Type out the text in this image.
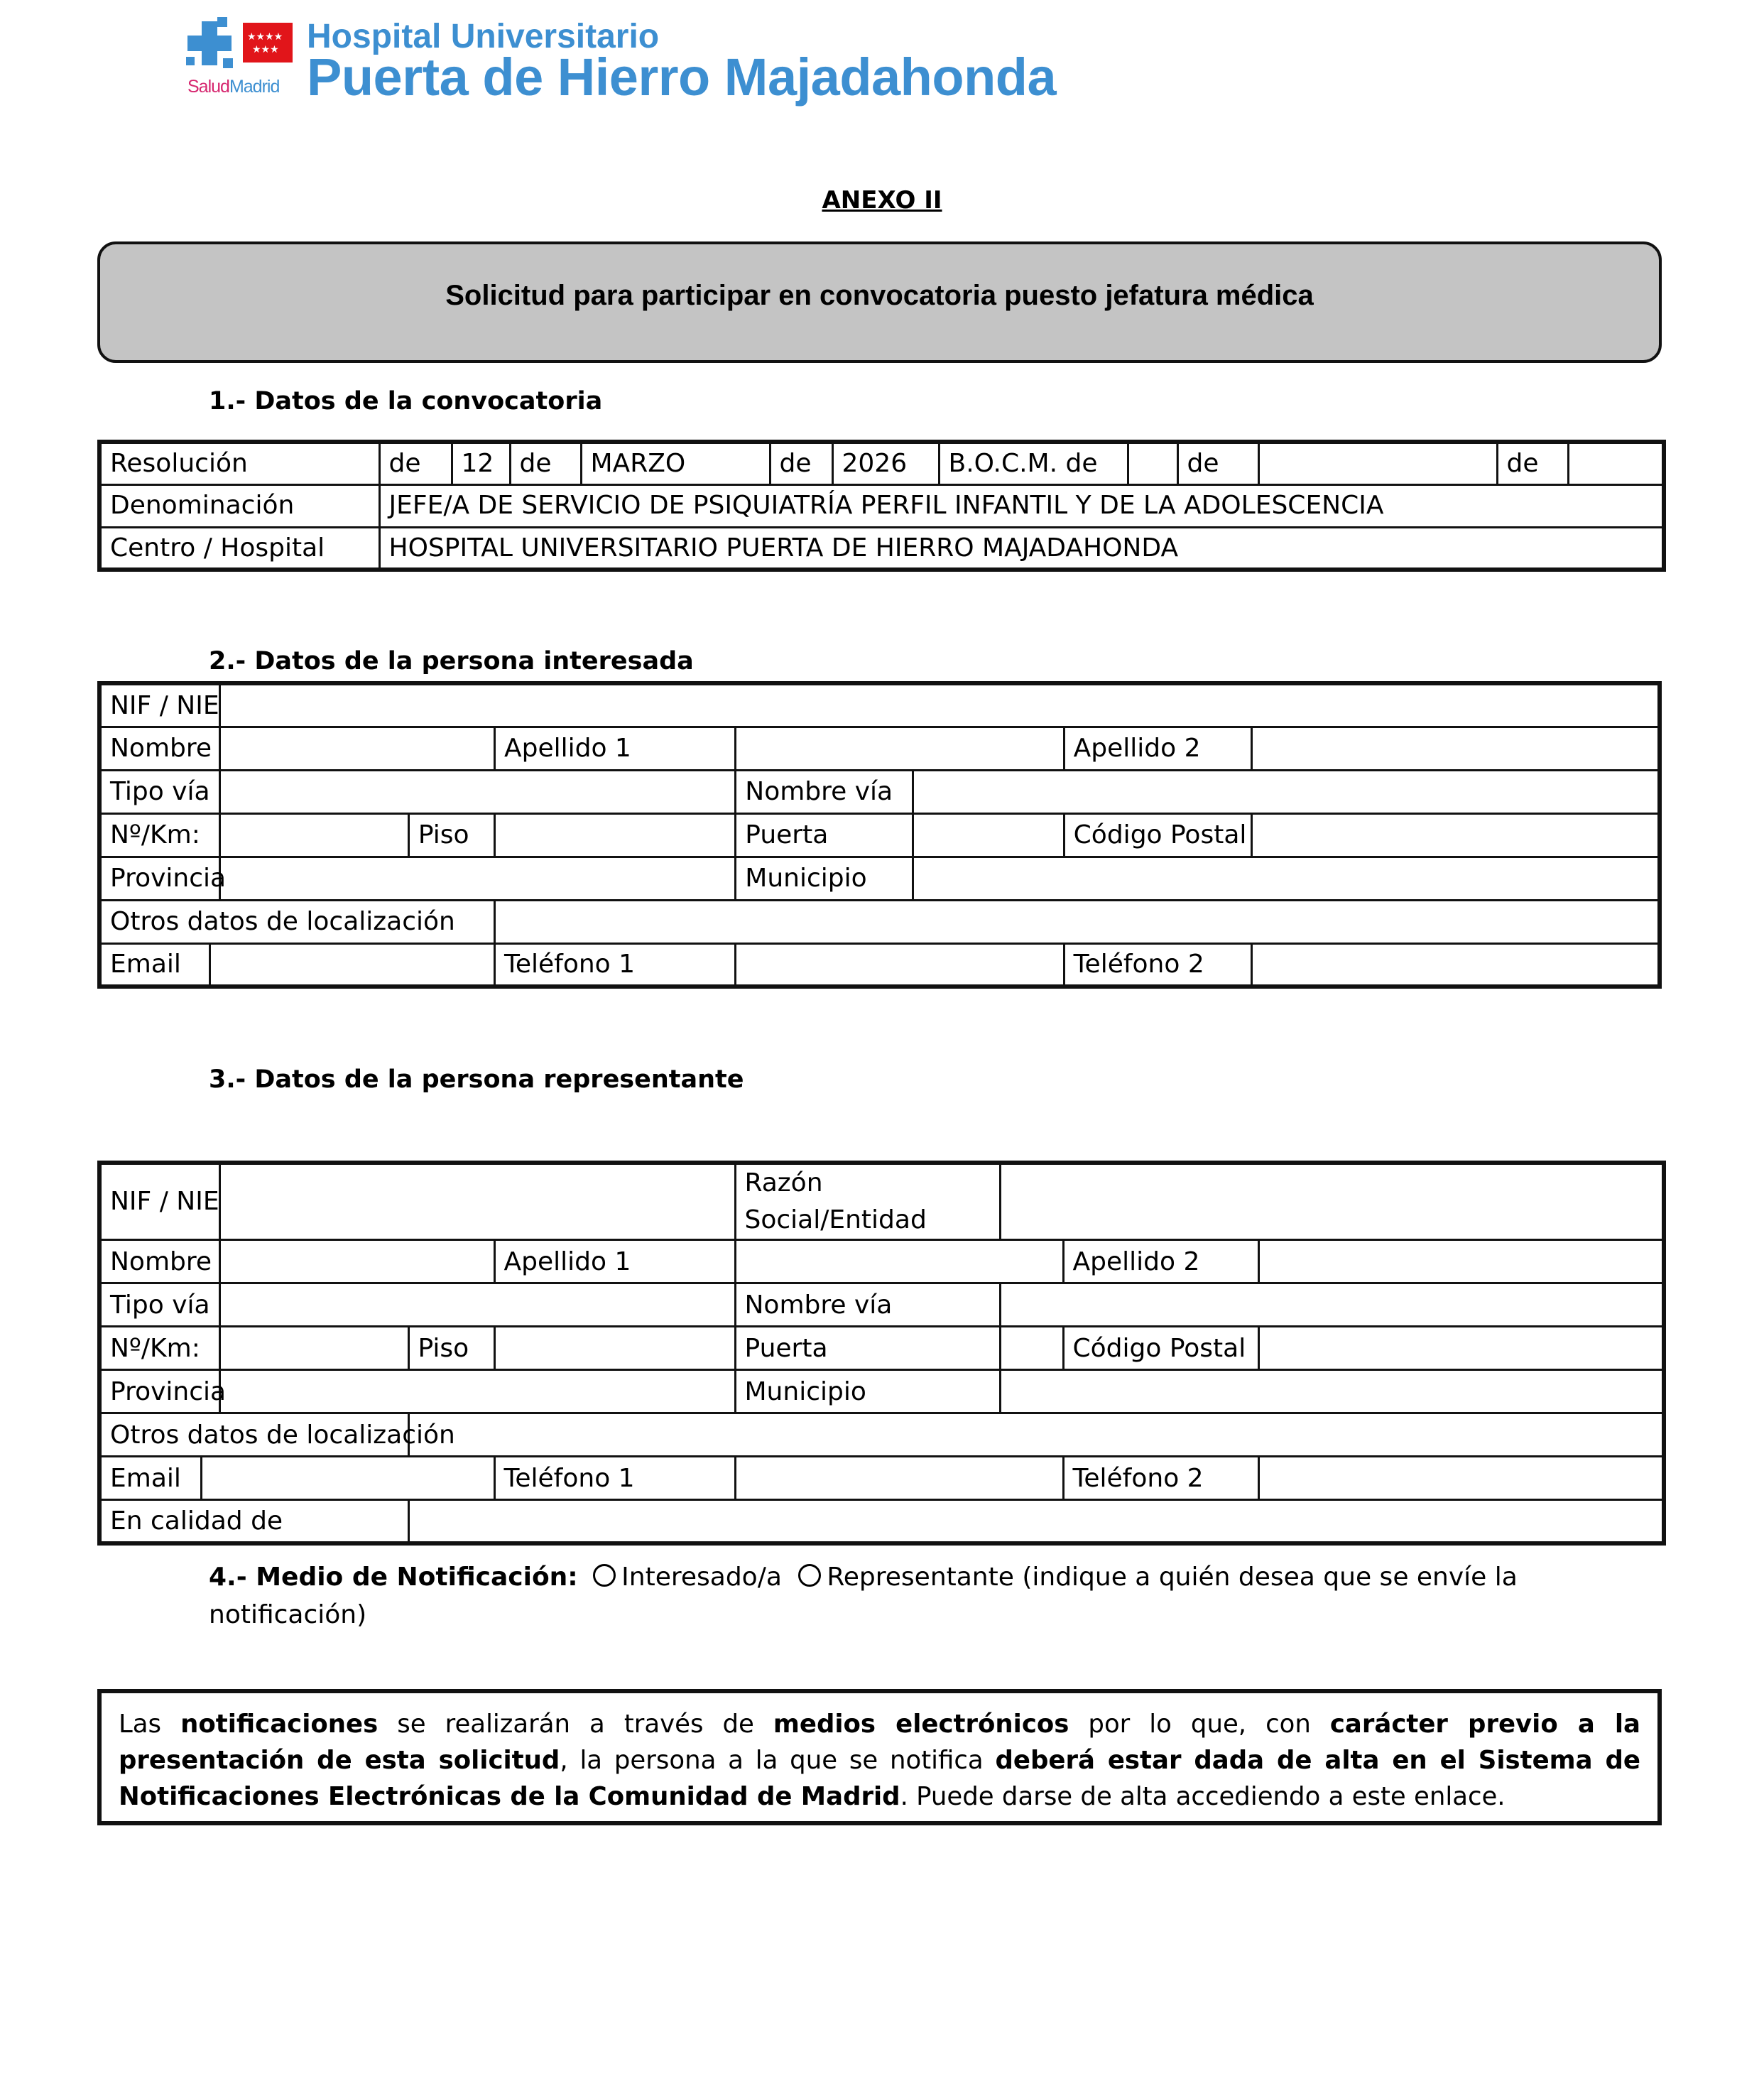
★★★★
★★★
SaludMadrid
Hospital Universitario
Puerta de Hierro Majadahonda
ANEXO II
Solicitud para participar en convocatoria puesto jefatura médica
1.- Datos de la convocatoria
Resolución	de	12	de	MARZO	de	2026	B.O.C.M. de		de		de	
Denominación	JEFE/A DE SERVICIO DE PSIQUIATRÍA PERFIL INFANTIL Y DE LA ADOLESCENCIA											
Centro / Hospital	HOSPITAL UNIVERSITARIO PUERTA DE HIERRO MAJADAHONDA											
2.- Datos de la persona interesada
NIF / NIE								
Nombre				Apellido 1			Apellido 2	
Tipo vía					Nombre vía			
Nº/Km:			Piso		Puerta		Código Postal	
Provincia					Municipio			
Otros datos de localización								
Email				Teléfono 1			Teléfono 2	
3.- Datos de la persona representante
NIF / NIE					Razón Social/Entidad			
Nombre				Apellido 1			Apellido 2	
Tipo vía					Nombre vía			
Nº/Km:			Piso		Puerta		Código Postal	
Provincia					Municipio			
Otros datos de localización								
Email				Teléfono 1			Teléfono 2	
En calidad de								
4.- Medio de Notificación: Interesado/a Representante (indique a quién desea que se envíe la
notificación)
Las notificaciones se realizarán a través de medios electrónicos por lo que, con carácter previo a la presentación de esta solicitud, la persona a la que se notifica deberá estar dada de alta en el Sistema de Notificaciones Electrónicas de la Comunidad de Madrid. Puede darse de alta accediendo a este enlace.
